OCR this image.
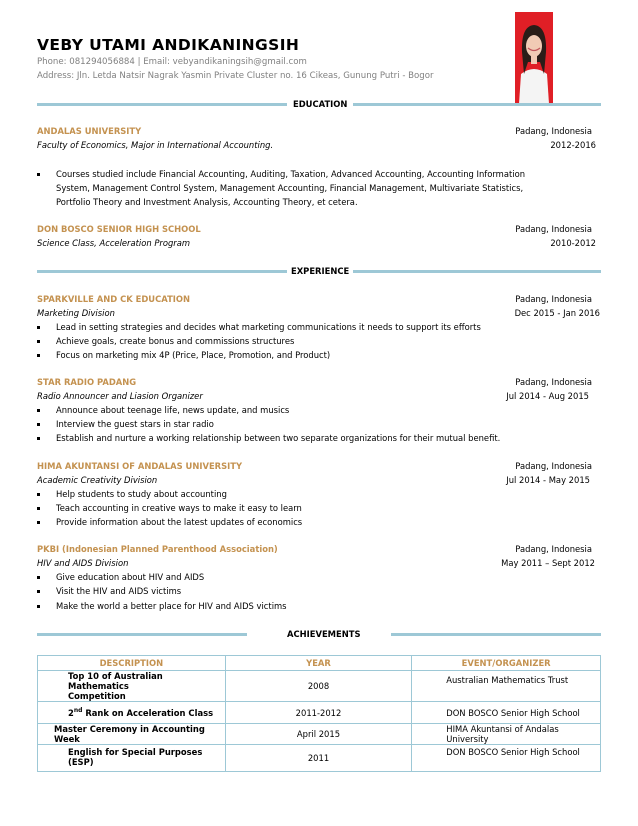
VEBY UTAMI ANDIKANINGSIH
Phone: 081294056884 | Email: vebyandikaningsih@gmail.com
Address: Jln. Letda Natsir Nagrak Yasmin Private Cluster no. 16 Cikeas, Gunung Putri - Bogor
EDUCATION
ANDALAS UNIVERSITY	Padang, Indonesia
Faculty of Economics, Major in International Accounting.	2012-2016
Courses studied include Financial Accounting, Auditing, Taxation, Advanced Accounting, Accounting Information
System, Management Control System, Management Accounting, Financial Management, Multivariate Statistics,
Portfolio Theory and Investment Analysis, Accounting Theory, et cetera.
DON BOSCO SENIOR HIGH SCHOOL	Padang, Indonesia
Science Class, Acceleration Program	2010-2012
EXPERIENCE
SPARKVILLE AND CK EDUCATION	Padang, Indonesia
Marketing Division	Dec 2015 - Jan 2016
Lead in setting strategies and decides what marketing communications it needs to support its efforts
Achieve goals, create bonus and commissions structures
Focus on marketing mix 4P (Price, Place, Promotion, and Product)
STAR RADIO PADANG	Padang, Indonesia
Radio Announcer and Liasion Organizer	Jul 2014 - Aug 2015
Announce about teenage life, news update, and musics
Interview the guest stars in star radio
Establish and nurture a working relationship between two separate organizations for their mutual benefit.
HIMA AKUNTANSI OF ANDALAS UNIVERSITY	Padang, Indonesia
Academic Creativity Division	Jul 2014 - May 2015
Help students to study about accounting
Teach accounting in creative ways to make it easy to learn
Provide information about the latest updates of economics
PKBI (Indonesian Planned Parenthood Association)	Padang, Indonesia
HIV and AIDS Division	May 2011 – Sept 2012
Give education about HIV and AIDS
Visit the HIV and AIDS victims
Make the world a better place for HIV and AIDS victims
ACHIEVEMENTS
DESCRIPTION	YEAR	EVENT/ORGANIZER
Top 10 of Australian Mathematics
Competition	2008	Australian Mathematics Trust
2nd Rank on Acceleration Class	2011-2012	DON BOSCO Senior High School
Master Ceremony in Accounting Week	April 2015	HIMA Akuntansi of Andalas University
English for Special Purposes (ESP)	2011	DON BOSCO Senior High School
